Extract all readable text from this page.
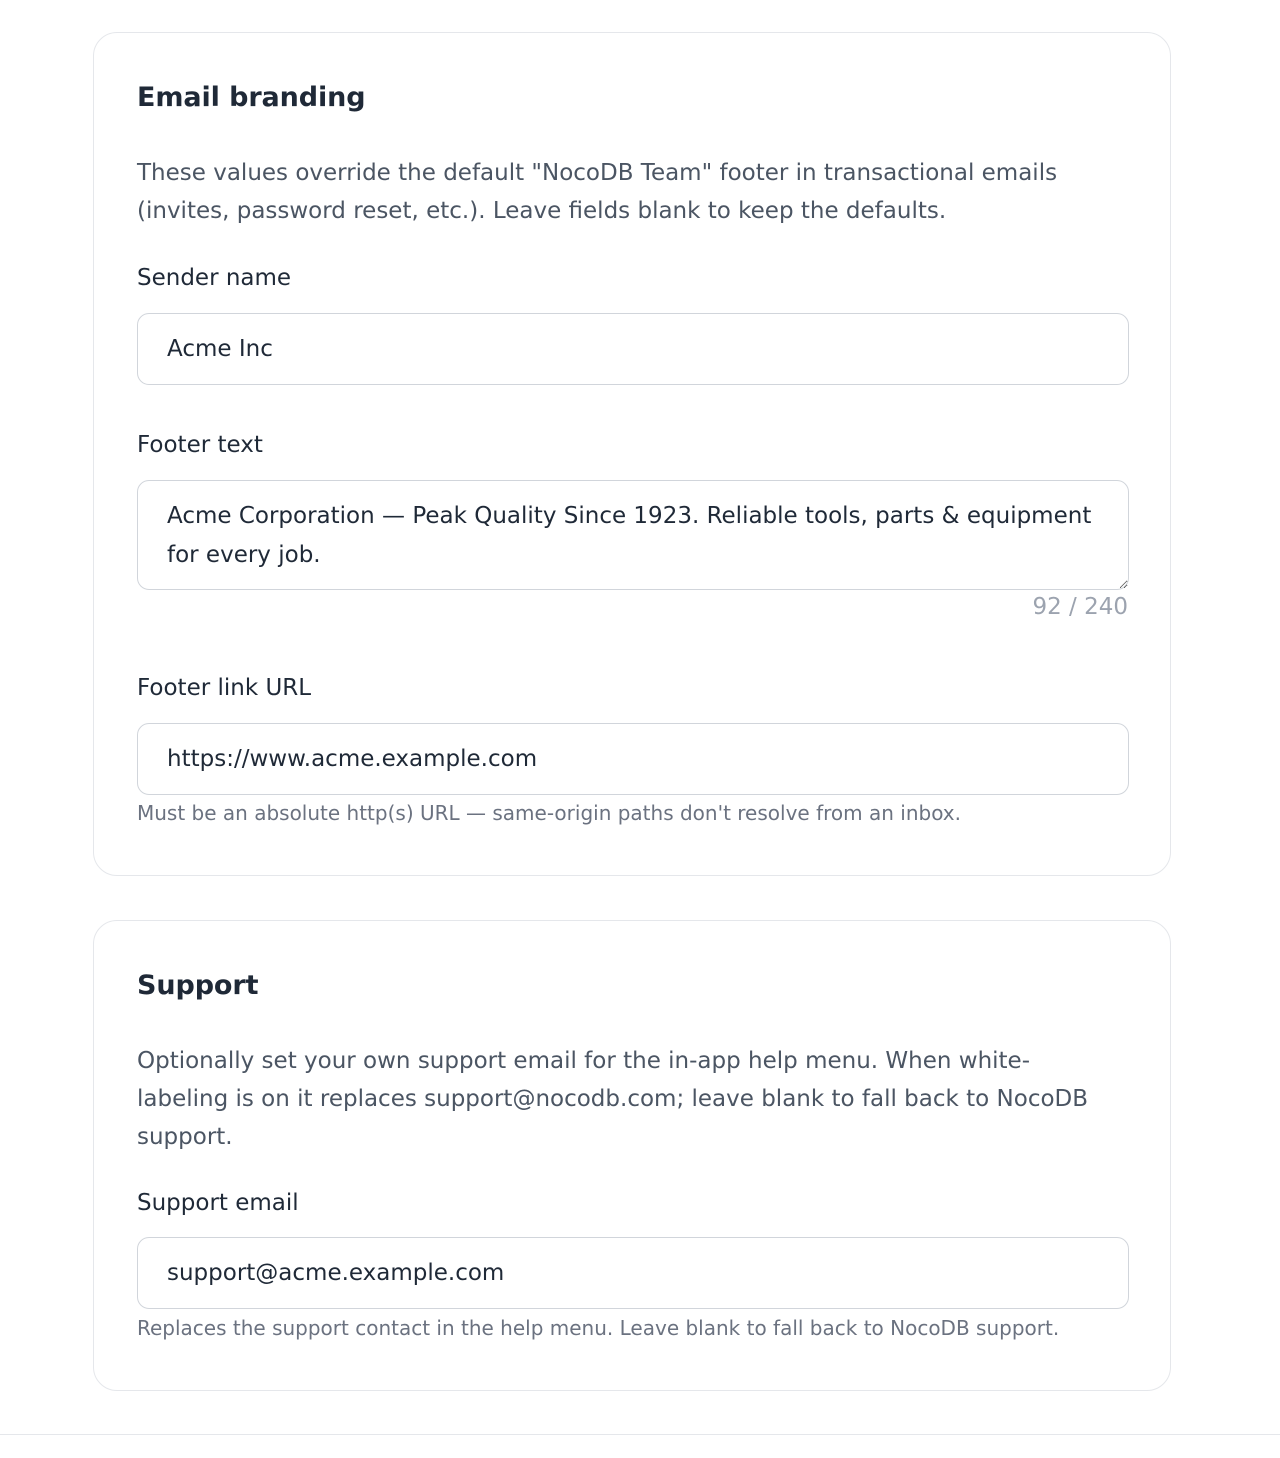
Email branding

These values override the default "NocoDB Team" footer in transactional emails (invites, password reset, etc.). Leave fields blank to keep the defaults.

Sender name
Acme Inc
Footer text
Acme Corporation — Peak Quality Since 1923. Reliable tools, parts & equipment for every job.
92 / 240
Footer link URL
https://www.acme.example.com

Must be an absolute http(s) URL — same-origin paths don't resolve from an inbox.

Support

Optionally set your own support email for the in-app help menu. When white-labeling is on it replaces support@nocodb.com; leave blank to fall back to NocoDB support.

Support email
support@acme.example.com

Replaces the support contact in the help menu. Leave blank to fall back to NocoDB support.
